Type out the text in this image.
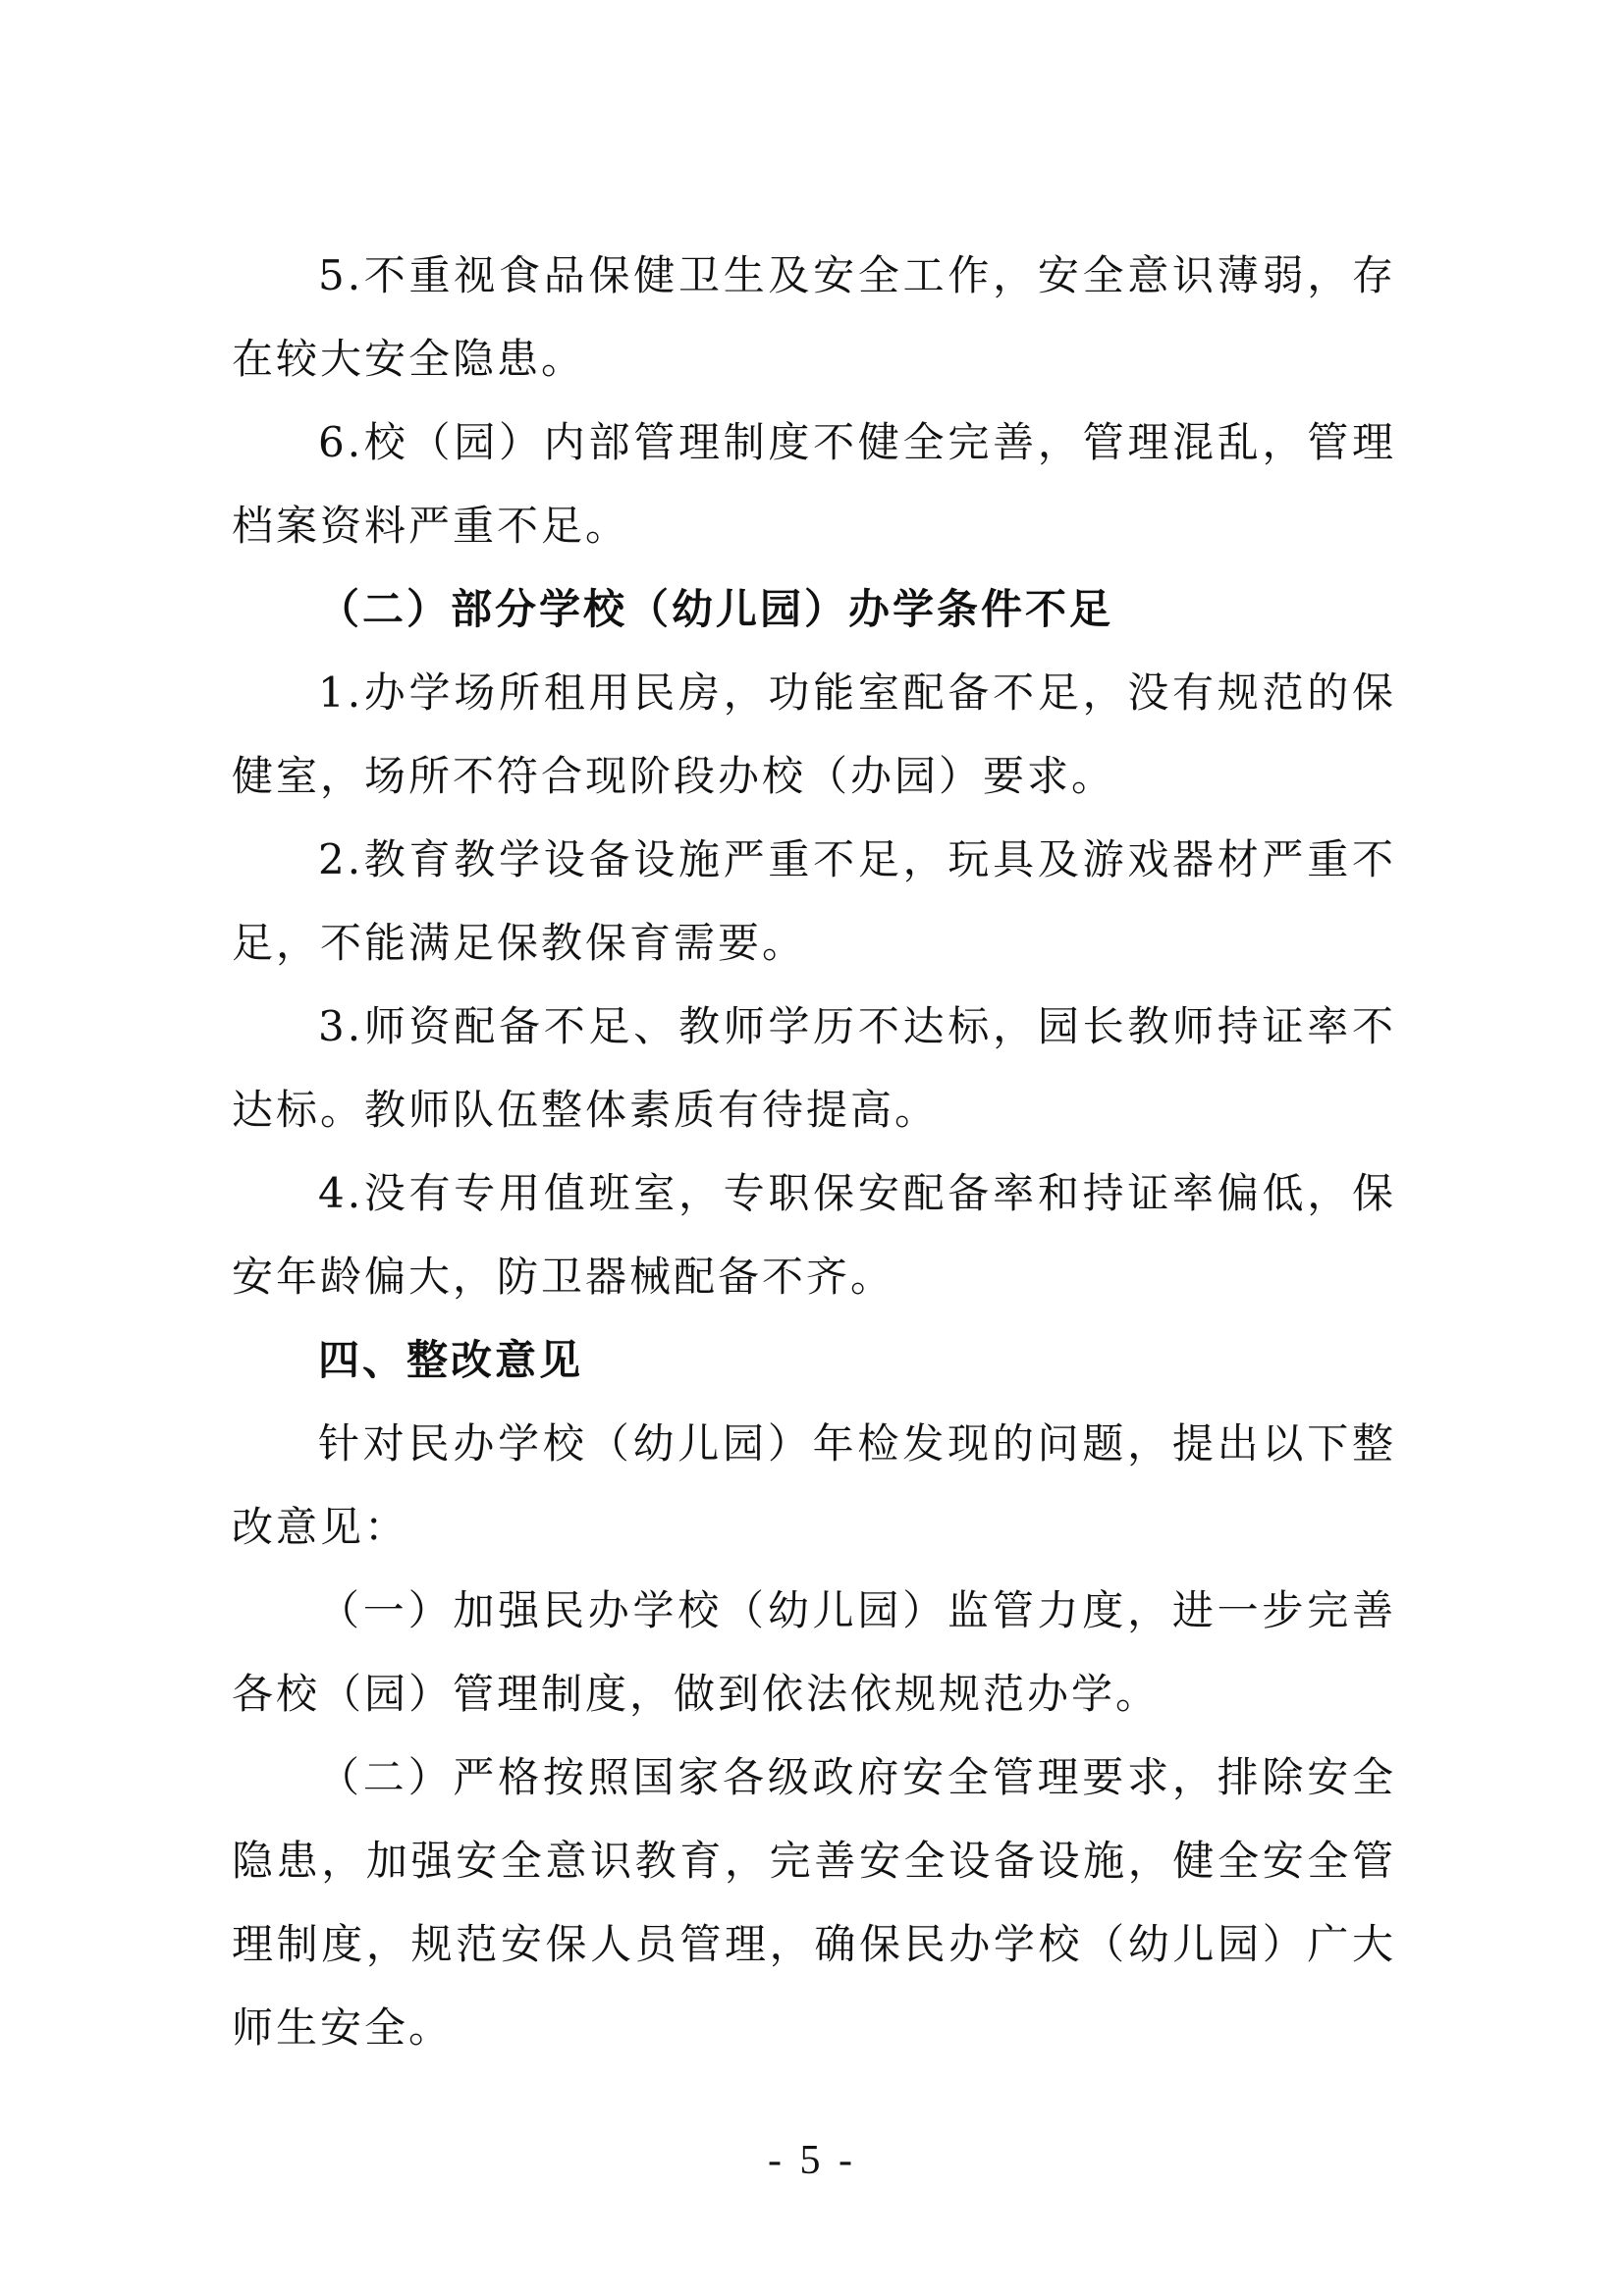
5.不重视食品保健卫生及安全工作，安全意识薄弱，存在较大安全隐患。

6.校（园）内部管理制度不健全完善，管理混乱，管理档案资料严重不足。

（二）部分学校（幼儿园）办学条件不足

1.办学场所租用民房，功能室配备不足，没有规范的保健室，场所不符合现阶段办校（办园）要求。

2.教育教学设备设施严重不足，玩具及游戏器材严重不足，不能满足保教保育需要。

3.师资配备不足、教师学历不达标，园长教师持证率不达标。教师队伍整体素质有待提高。

4.没有专用值班室，专职保安配备率和持证率偏低，保安年龄偏大，防卫器械配备不齐。

四、整改意见

针对民办学校（幼儿园）年检发现的问题，提出以下整改意见：

（一）加强民办学校（幼儿园）监管力度，进一步完善各校（园）管理制度，做到依法依规规范办学。

（二）严格按照国家各级政府安全管理要求，排除安全隐患，加强安全意识教育，完善安全设备设施，健全安全管理制度，规范安保人员管理，确保民办学校（幼儿园）广大师生安全。

- 5 -
